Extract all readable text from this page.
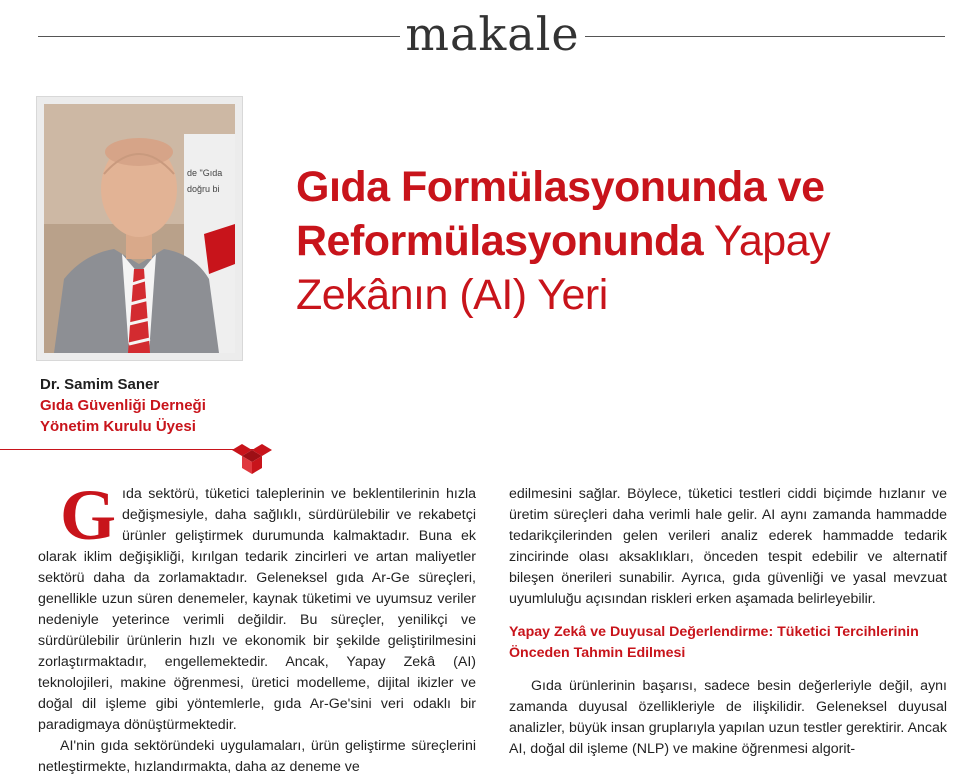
makale
de "Gıda
doğru bi
Dr. Samim Saner
Gıda Güvenliği Derneği
Yönetim Kurulu Üyesi
Gıda Formülasyonunda ve
Reformülasyonunda Yapay
Zekânın (AI) Yeri

Gıda sektörü, tüketici taleplerinin ve beklentilerinin hızla değişmesiyle, daha sağlıklı, sürdürülebilir ve rekabetçi ürünler geliştirmek durumunda kalmaktadır. Buna ek olarak iklim değişikliği, kırılgan tedarik zincirleri ve artan maliyetler sektörü daha da zorlamaktadır. Geleneksel gıda Ar-Ge süreçleri, genellikle uzun süren denemeler, kaynak tüketimi ve uyumsuz veriler nedeniyle yeterince verimli değildir. Bu süreçler, yenilikçi ve sürdürülebilir ürünlerin hızlı ve ekonomik bir şekilde geliştirilmesini zorlaştırmaktadır, engellemektedir. Ancak, Yapay Zekâ (AI) teknolojileri, makine öğrenmesi, üretici modelleme, dijital ikizler ve doğal dil işleme gibi yöntemlerle, gıda Ar-Ge'sini veri odaklı bir paradigmaya dönüştürmektedir.

AI'nin gıda sektöründeki uygulamaları, ürün geliştirme süreçlerini netleştirmekte, hızlandırmakta, daha az deneme ve

edilmesini sağlar. Böylece, tüketici testleri ciddi biçimde hızlanır ve üretim süreçleri daha verimli hale gelir. AI aynı zamanda hammadde tedarikçilerinden gelen verileri analiz ederek hammadde tedarik zincirinde olası aksaklıkları, önceden tespit edebilir ve alternatif bileşen önerileri sunabilir. Ayrıca, gıda güvenliği ve yasal mevzuat uyumluluğu açısından riskleri erken aşamada belirleyebilir.

Yapay Zekâ ve Duyusal Değerlendirme: Tüketici Tercihlerinin Önceden Tahmin Edilmesi

Gıda ürünlerinin başarısı, sadece besin değerleriyle değil, aynı zamanda duyusal özellikleriyle de ilişkilidir. Geleneksel duyusal analizler, büyük insan gruplarıyla yapılan uzun testler gerektirir. Ancak AI, doğal dil işleme (NLP) ve makine öğrenmesi algorit-
